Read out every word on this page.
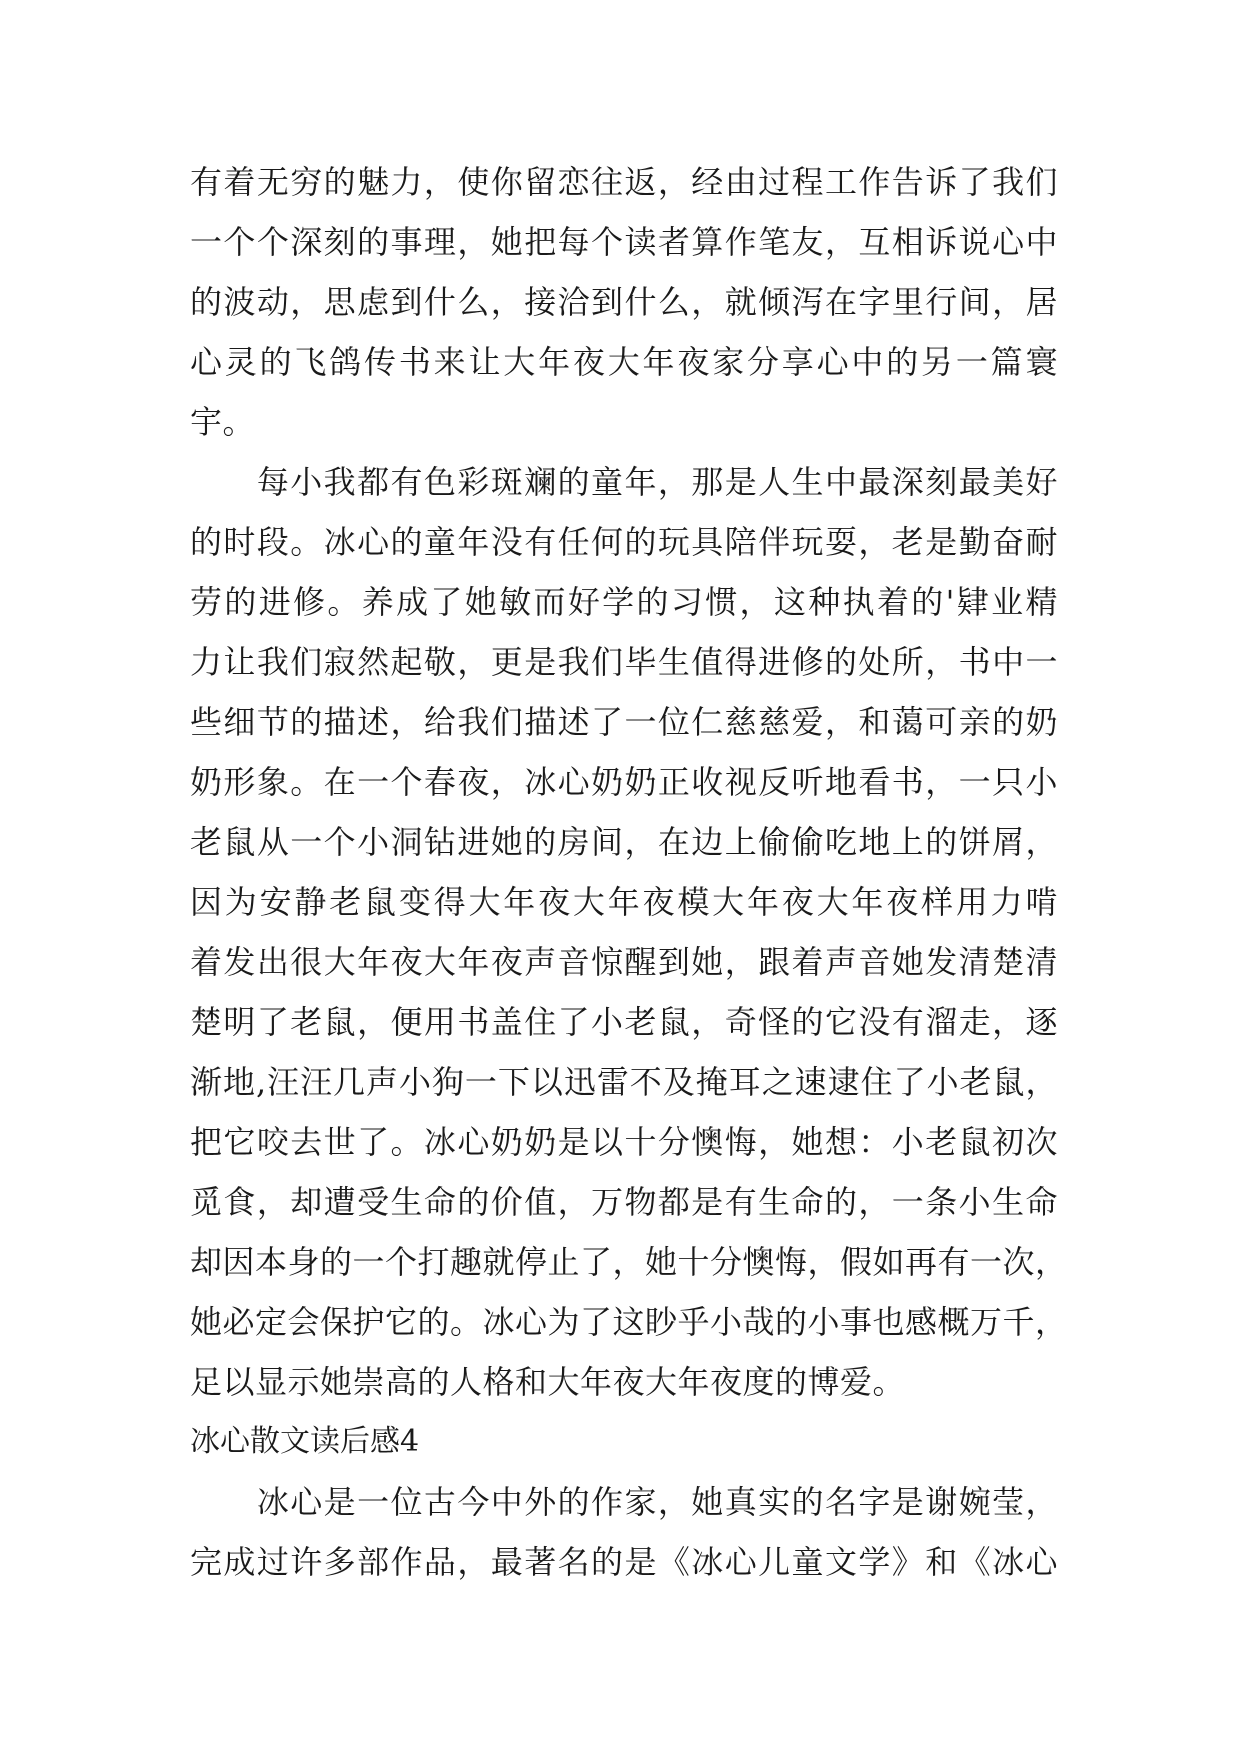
有着无穷的魅力，使你留恋往返，经由过程工作告诉了我们
一个个深刻的事理，她把每个读者算作笔友，互相诉说心中
的波动，思虑到什么，接洽到什么，就倾泻在字里行间，居
心灵的飞鸽传书来让大年夜大年夜家分享心中的另一篇寰
宇。
　　每小我都有色彩斑斓的童年，那是人生中最深刻最美好
的时段。冰心的童年没有任何的玩具陪伴玩耍，老是勤奋耐
劳的进修。养成了她敏而好学的习惯，这种执着的'肄业精
力让我们寂然起敬，更是我们毕生值得进修的处所，书中一
些细节的描述，给我们描述了一位仁慈慈爱，和蔼可亲的奶
奶形象。在一个春夜，冰心奶奶正收视反听地看书，一只小
老鼠从一个小洞钻进她的房间，在边上偷偷吃地上的饼屑，
因为安静老鼠变得大年夜大年夜模大年夜大年夜样用力啃
着发出很大年夜大年夜声音惊醒到她，跟着声音她发清楚清
楚明了老鼠，便用书盖住了小老鼠，奇怪的它没有溜走，逐
渐地,汪汪几声小狗一下以迅雷不及掩耳之速逮住了小老鼠，
把它咬去世了。冰心奶奶是以十分懊悔，她想：小老鼠初次
觅食，却遭受生命的价值，万物都是有生命的，一条小生命
却因本身的一个打趣就停止了，她十分懊悔，假如再有一次，
她必定会保护它的。冰心为了这眇乎小哉的小事也感概万千，
足以显示她崇高的人格和大年夜大年夜度的博爱。
冰心散文读后感4
　　冰心是一位古今中外的作家，她真实的名字是谢婉莹，
完成过许多部作品，最著名的是《冰心儿童文学》和《冰心
